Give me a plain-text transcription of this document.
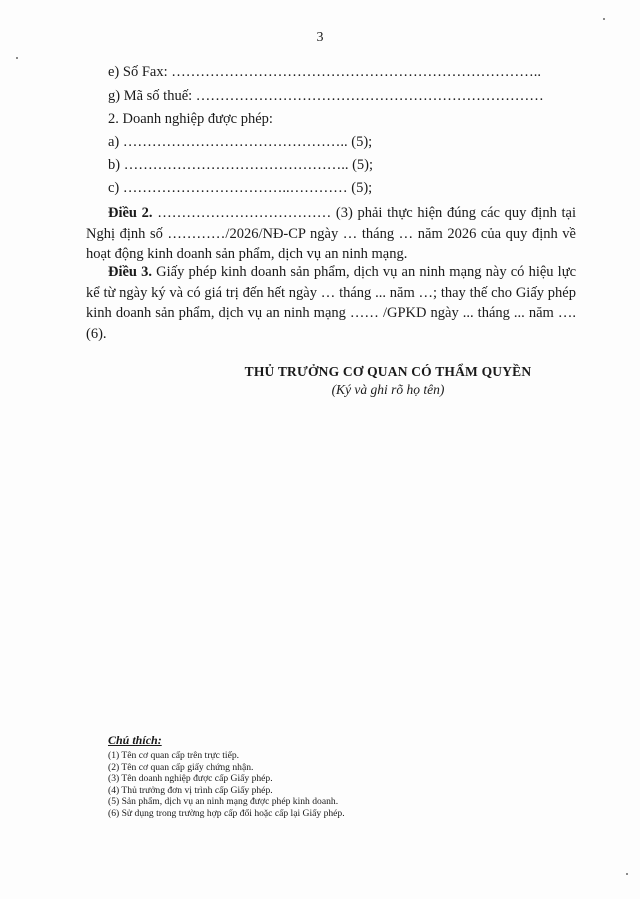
3
e) Số Fax: …………………………………………………………………..
g) Mã số thuế: ………………………………………………………………
2. Doanh nghiệp được phép:
a) ……………………………………….. (5);
b) ……………………………………….. (5);
c) ……………………………..………… (5);
Điều 2. ……………………………… (3) phải thực hiện đúng các quy định tại Nghị định số …………/2026/NĐ-CP ngày … tháng … năm 2026 của quy định về hoạt động kinh doanh sản phẩm, dịch vụ an ninh mạng.
Điều 3. Giấy phép kinh doanh sản phẩm, dịch vụ an ninh mạng này có hiệu lực kể từ ngày ký và có giá trị đến hết ngày … tháng ... năm …; thay thế cho Giấy phép kinh doanh sản phẩm, dịch vụ an ninh mạng …… /GPKD ngày ... tháng ... năm …. (6).
THỦ TRƯỞNG CƠ QUAN CÓ THẨM QUYỀN
(Ký và ghi rõ họ tên)
Chú thích:
(1) Tên cơ quan cấp trên trực tiếp.
(2) Tên cơ quan cấp giấy chứng nhận.
(3) Tên doanh nghiệp được cấp Giấy phép.
(4) Thủ trưởng đơn vị trình cấp Giấy phép.
(5) Sản phẩm, dịch vụ an ninh mạng được phép kinh doanh.
(6) Sử dụng trong trường hợp cấp đổi hoặc cấp lại Giấy phép.
